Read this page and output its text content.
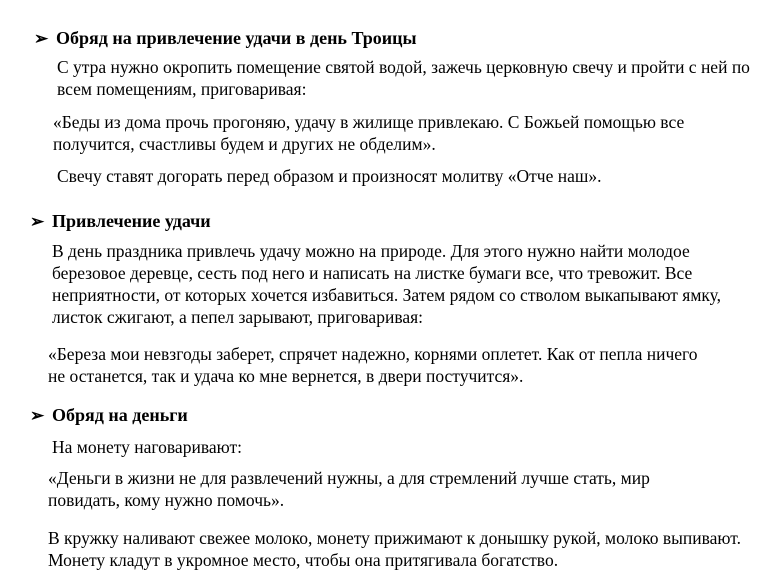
➢ Обряд на привлечение удачи в день Троицы

С утра нужно окропить помещение святой водой, зажечь церковную свечу и пройти с ней по всем помещениям, приговаривая:

«Беды из дома прочь прогоняю, удачу в жилище привлекаю. С Божьей помощью все получится, счастливы будем и других не обделим».

Свечу ставят догорать перед образом и произносят молитву «Отче наш».

➢ Привлечение удачи

В день праздника привлечь удачу можно на природе. Для этого нужно найти молодое березовое деревце, сесть под него и написать на листке бумаги все, что тревожит. Все неприятности, от которых хочется избавиться. Затем рядом со стволом выкапывают ямку, листок сжигают, а пепел зарывают, приговаривая:

«Береза мои невзгоды заберет, спрячет надежно, корнями оплетет. Как от пепла ничего не останется, так и удача ко мне вернется, в двери постучится».

➢ Обряд на деньги

На монету наговаривают:

«Деньги в жизни не для развлечений нужны, а для стремлений лучше стать, мир повидать, кому нужно помочь».

В кружку наливают свежее молоко, монету прижимают к донышку рукой, молоко выпивают. Монету кладут в укромное место, чтобы она притягивала богатство.
